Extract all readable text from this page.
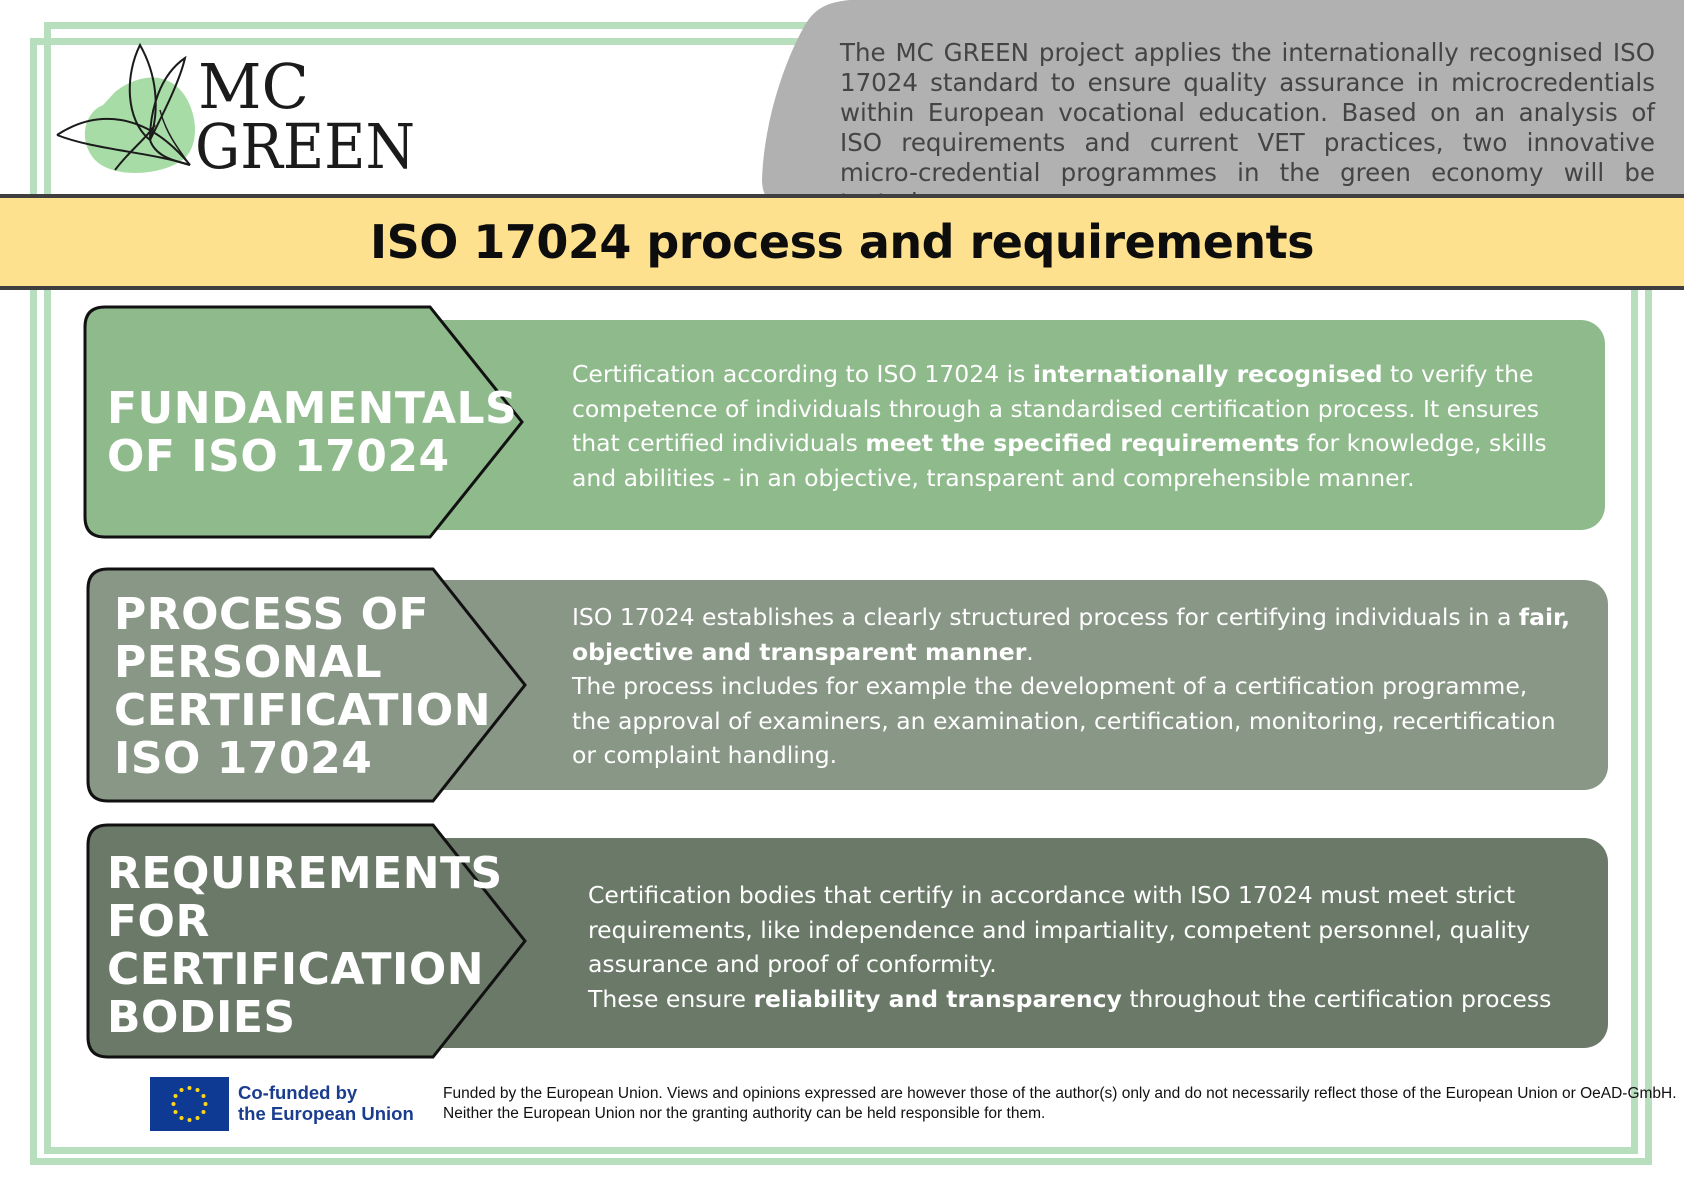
MC
GREEN

The MC GREEN project applies the internationally recognised ISO 17024 standard to ensure quality assurance in microcredentials within European vocational education. Based on an analysis of ISO requirements and current VET practices, two innovative micro-credential programmes in the green economy will be

ISO 17024 process and requirements
FUNDAMENTALS
OF ISO 17024

Certification according to ISO 17024 is internationally recognised to verify the competence of individuals through a standardised certification process. It ensures that certified individuals meet the specified requirements for knowledge, skills and abilities - in an objective, transparent and comprehensible manner.

PROCESS OF
PERSONAL
CERTIFICATION
ISO 17024

ISO 17024 establishes a clearly structured process for certifying individuals in a fair, objective and transparent manner.

The process includes for example the development of a certification programme, the approval of examiners, an examination, certification, monitoring, recertification or complaint handling.

REQUIREMENTS
FOR
CERTIFICATION
BODIES

Certification bodies that certify in accordance with ISO 17024 must meet strict requirements, like independence and impartiality, competent personnel, quality assurance and proof of conformity.

These ensure reliability and transparency throughout the certification process

Co-funded by
the European Union

Funded by the European Union. Views and opinions expressed are however those of the author(s) only and do not necessarily reflect those of the European Union or OeAD-GmbH. Neither the European Union nor the granting authority can be held responsible for them.
